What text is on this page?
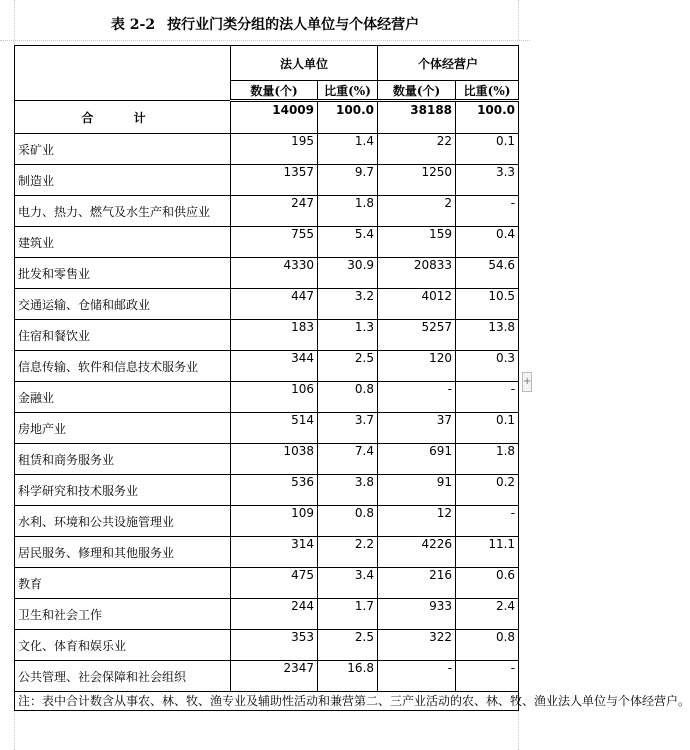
表 2-2 按行业门类分组的法人单位与个体经营户
	法人单位		个体经营户	
	数量(个)	比重(%)	数量(个)	比重(%)
合 计	14009	100.0	38188	100.0
采矿业	195	1.4	22	0.1
制造业	1357	9.7	1250	3.3
电力、热力、燃气及水生产和供应业	247	1.8	2	-
建筑业	755	5.4	159	0.4
批发和零售业	4330	30.9	20833	54.6
交通运输、仓储和邮政业	447	3.2	4012	10.5
住宿和餐饮业	183	1.3	5257	13.8
信息传输、软件和信息技术服务业	344	2.5	120	0.3
金融业	106	0.8	-	-
房地产业	514	3.7	37	0.1
租赁和商务服务业	1038	7.4	691	1.8
科学研究和技术服务业	536	3.8	91	0.2
水利、环境和公共设施管理业	109	0.8	12	-
居民服务、修理和其他服务业	314	2.2	4226	11.1
教育	475	3.4	216	0.6
卫生和社会工作	244	1.7	933	2.4
文化、体育和娱乐业	353	2.5	322	0.8
公共管理、社会保障和社会组织	2347	16.8	-	-
注：表中合计数含从事农、林、牧、渔专业及辅助性活动和兼营第二、三产业活动的农、林、牧、渔业法人单位与个体经营户。				
+
